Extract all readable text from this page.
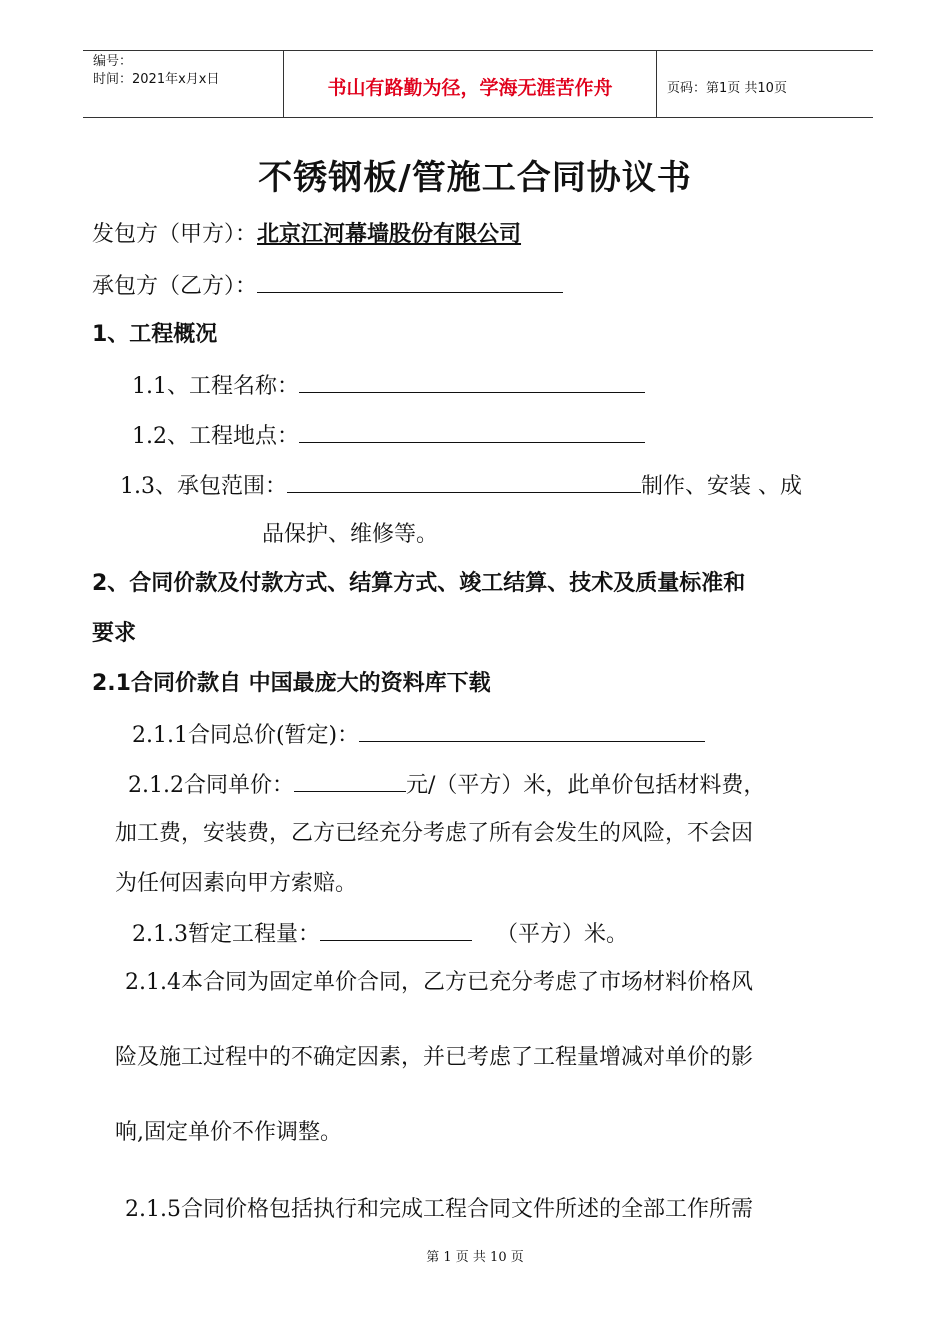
编号：
时间：2021年x月x日	书山有路勤为径，学海无涯苦作舟	页码：第1页 共10页
不锈钢板/管施工合同协议书
发包方（甲方）：北京江河幕墙股份有限公司
承包方（乙方）：
1、工程概况
1.1、工程名称：
1.2、工程地点：
1.3、承包范围：	制作、安装 、成
品保护、维修等。
2、合同价款及付款方式、结算方式、竣工结算、技术及质量标准和
要求
2.1合同价款自 中国最庞大的资料库下载
2.1.1合同总价(暂定)：
2.1.2合同单价：	元/（平方）米，此单价包括材料费，
加工费，安装费，乙方已经充分考虑了所有会发生的风险，不会因
为任何因素向甲方索赔。
2.1.3暂定工程量：	（平方）米。
2.1.4本合同为固定单价合同，乙方已充分考虑了市场材料价格风
险及施工过程中的不确定因素，并已考虑了工程量增减对单价的影
响,固定单价不作调整。
2.1.5合同价格包括执行和完成工程合同文件所述的全部工作所需
第 1 页 共 10 页
